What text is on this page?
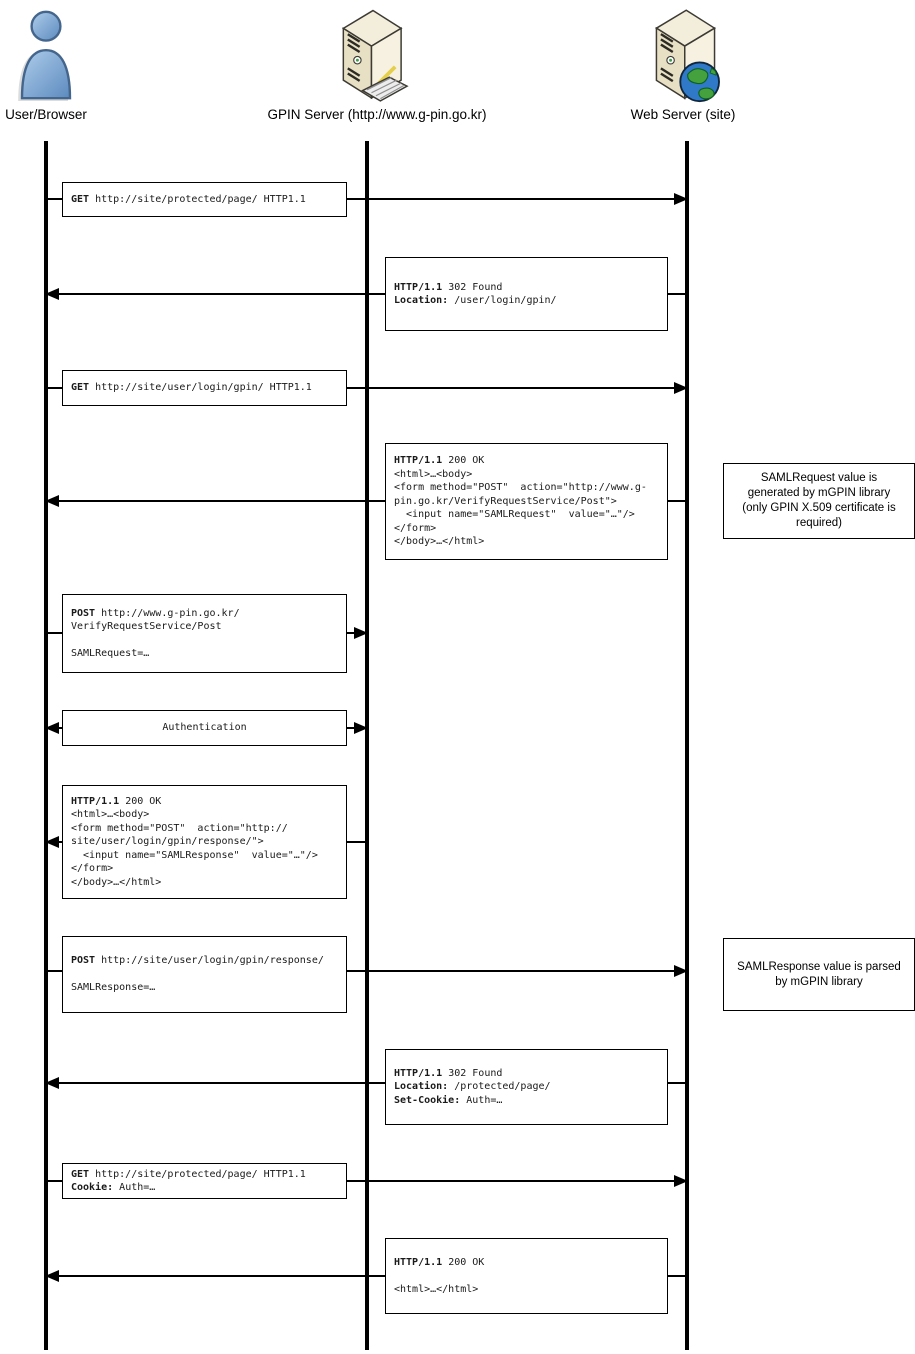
User/Browser	GPIN Server (http://www.g-pin.go.kr)	Web Server (site)
GET http://site/protected/page/ HTTP1.1
HTTP/1.1 302 Found
Location: /user/login/gpin/
GET http://site/user/login/gpin/ HTTP1.1
HTTP/1.1 200 OK
<html>…<body>
<form method="POST"  action="http://www.g-
pin.go.kr/VerifyRequestService/Post">
<input name="SAMLRequest"  value="…"/>
</form>
</body>…</html>
POST http://www.g-pin.go.kr/
VerifyRequestService/Post
SAMLRequest=…
Authentication
HTTP/1.1 200 OK
<html>…<body>
<form method="POST"  action="http://
site/user/login/gpin/response/">
<input name="SAMLResponse"  value="…"/>
</form>
</body>…</html>
POST http://site/user/login/gpin/response/
SAMLResponse=…
HTTP/1.1 302 Found
Location: /protected/page/
Set-Cookie: Auth=…
GET http://site/protected/page/ HTTP1.1
Cookie: Auth=…
HTTP/1.1 200 OK
<html>…</html>
SAMLRequest value is generated by mGPIN library (only GPIN X.509 certificate is required)
SAMLResponse value is parsed by mGPIN library
